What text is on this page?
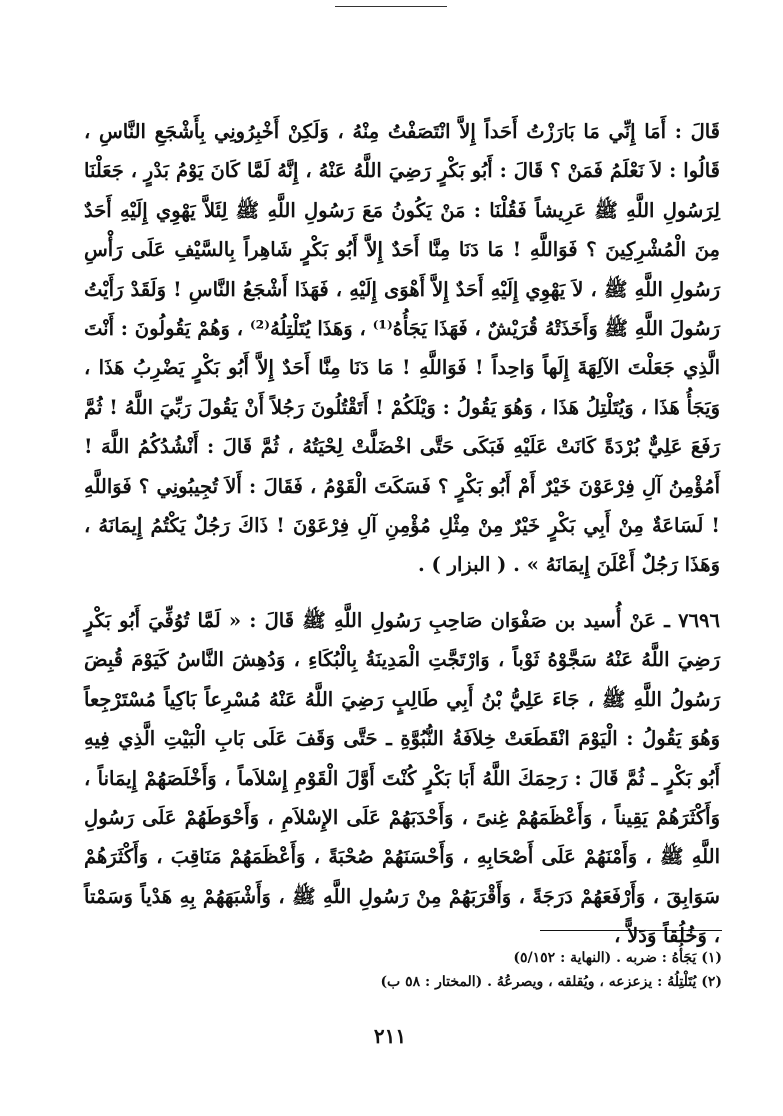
قَالَ : أَمَا إِنِّي مَا بَارَزْتُ أَحَداً إِلاَّ انْتَصَفْتُ مِنْهُ ، وَلَكِنْ أَخْبِرُونِي بِأَشْجَعِ النَّاسِ ، قَالُوا : لاَ نَعْلَمُ فَمَنْ ؟ قَالَ : أَبُو بَكْرٍ رَضِيَ اللَّهُ عَنْهُ ، إِنَّهُ لَمَّا كَانَ يَوْمُ بَدْرٍ ، جَعَلْنَا لِرَسُولِ اللَّهِ ﷺ عَرِيشاً فَقُلْنَا : مَنْ يَكُونُ مَعَ رَسُولِ اللَّهِ ﷺ لِئَلاَّ يَهْوِي إِلَيْهِ أَحَدٌ مِنَ الْمُشْرِكِينَ ؟ فَوَاللَّهِ ! مَا دَنَا مِنَّا أَحَدٌ إِلاَّ أَبُو بَكْرٍ شَاهِراً بِالسَّيْفِ عَلَى رَأْسِ رَسُولِ اللَّهِ ﷺ ، لاَ يَهْوِي إِلَيْهِ أَحَدٌ إِلاَّ أَهْوَى إِلَيْهِ ، فَهَذَا أَشْجَعُ النَّاسِ ! وَلَقَدْ رَأَيْتُ رَسُولَ اللَّهِ ﷺ وَأَخَذَتْهُ قُرَيْشٌ ، فَهَذَا يَجَأُهُ⁽¹⁾ ، وَهَذَا يُتَلْتِلُهُ⁽²⁾ ، وَهُمْ يَقُولُونَ : أَنْتَ الَّذِي جَعَلْتَ الآلِهَةَ إِلَهاً وَاحِداً ! فَوَاللَّهِ ! مَا دَنَا مِنَّا أَحَدٌ إِلاَّ أَبُو بَكْرٍ يَضْرِبُ هَذَا ، وَيَجَأُ هَذَا ، وَيُتَلْتِلُ هَذَا ، وَهُوَ يَقُولُ : وَيْلَكُمْ ! أَتَقْتُلُونَ رَجُلاً أَنْ يَقُولَ رَبِّيَ اللَّهُ ! ثُمَّ رَفَعَ عَلِيٌّ بُرْدَةً كَانَتْ عَلَيْهِ فَبَكَى حَتَّى اخْضَلَّتْ لِحْيَتُهُ ، ثُمَّ قَالَ : أَنْشُدُكُمُ اللَّهَ ! أَمُؤْمِنُ آلِ فِرْعَوْنَ خَيْرٌ أَمْ أَبُو بَكْرٍ ؟ فَسَكَتَ الْقَوْمُ ، فَقَالَ : أَلاَ تُجِيبُونِي ؟ فَوَاللَّهِ ! لَسَاعَةٌ مِنْ أَبِي بَكْرٍ خَيْرٌ مِنْ مِثْلِ مُؤْمِنِ آلِ فِرْعَوْنَ ! ذَاكَ رَجُلٌ يَكْتُمُ إِيمَانَهُ ، وَهَذَا رَجُلٌ أَعْلَنَ إِيمَانَهُ » . ( البزار ) .

٧٦٩٦ ـ عَنْ أُسيد بن صَفْوَان صَاحِبِ رَسُولِ اللَّهِ ﷺ قَالَ : « لَمَّا تُوُفِّيَ أَبُو بَكْرٍ رَضِيَ اللَّهُ عَنْهُ سَجَّوْهُ ثَوْباً ، وَارْتَجَّتِ الْمَدِينَةُ بِالْبُكَاءِ ، وَدُهِشَ النَّاسُ كَيَوْمَ قُبِضَ رَسُولُ اللَّهِ ﷺ ، جَاءَ عَلِيُّ بْنُ أَبِي طَالِبٍ رَضِيَ اللَّهُ عَنْهُ مُسْرِعاً بَاكِياً مُسْتَرْجِعاً وَهُوَ يَقُولُ : الْيَوْمَ انْقَطَعَتْ خِلاَفَةُ النُّبُوَّةِ ـ حَتَّى وَقَفَ عَلَى بَابِ الْبَيْتِ الَّذِي فِيهِ أَبُو بَكْرٍ ـ ثُمَّ قَالَ : رَحِمَكَ اللَّهُ أَبَا بَكْرٍ كُنْتَ أَوَّلَ الْقَوْمِ إِسْلاَماً ، وَأَخْلَصَهُمْ إِيمَاناً ، وَأَكْثَرَهُمْ يَقِيناً ، وَأَعْظَمَهُمْ غِنىً ، وَأَحْدَبَهُمْ عَلَى الإِسْلاَمِ ، وَأَحْوَطَهُمْ عَلَى رَسُولِ اللَّهِ ﷺ ، وَأَمْنَهُمْ عَلَى أَصْحَابِهِ ، وَأَحْسَنَهُمْ صُحْبَةً ، وَأَعْظَمَهُمْ مَنَاقِبَ ، وَأَكْثَرَهُمْ سَوَابِقَ ، وَأَرْفَعَهُمْ دَرَجَةً ، وَأَقْرَبَهُمْ مِنْ رَسُولِ اللَّهِ ﷺ ، وَأَشْبَهَهُمْ بِهِ هَدْياً وَسَمْتاً ، وَخُلُقاً وَدَلاًّ ،

(١) يَجَأُهُ : ضربه . (النهاية : ٥/١٥٢)

(٢) يُتَلْتِلُهُ : يزعزعه ، ويُقلقه ، ويصرعُهُ . (المختار : ٥٨ ب)

٢١١
